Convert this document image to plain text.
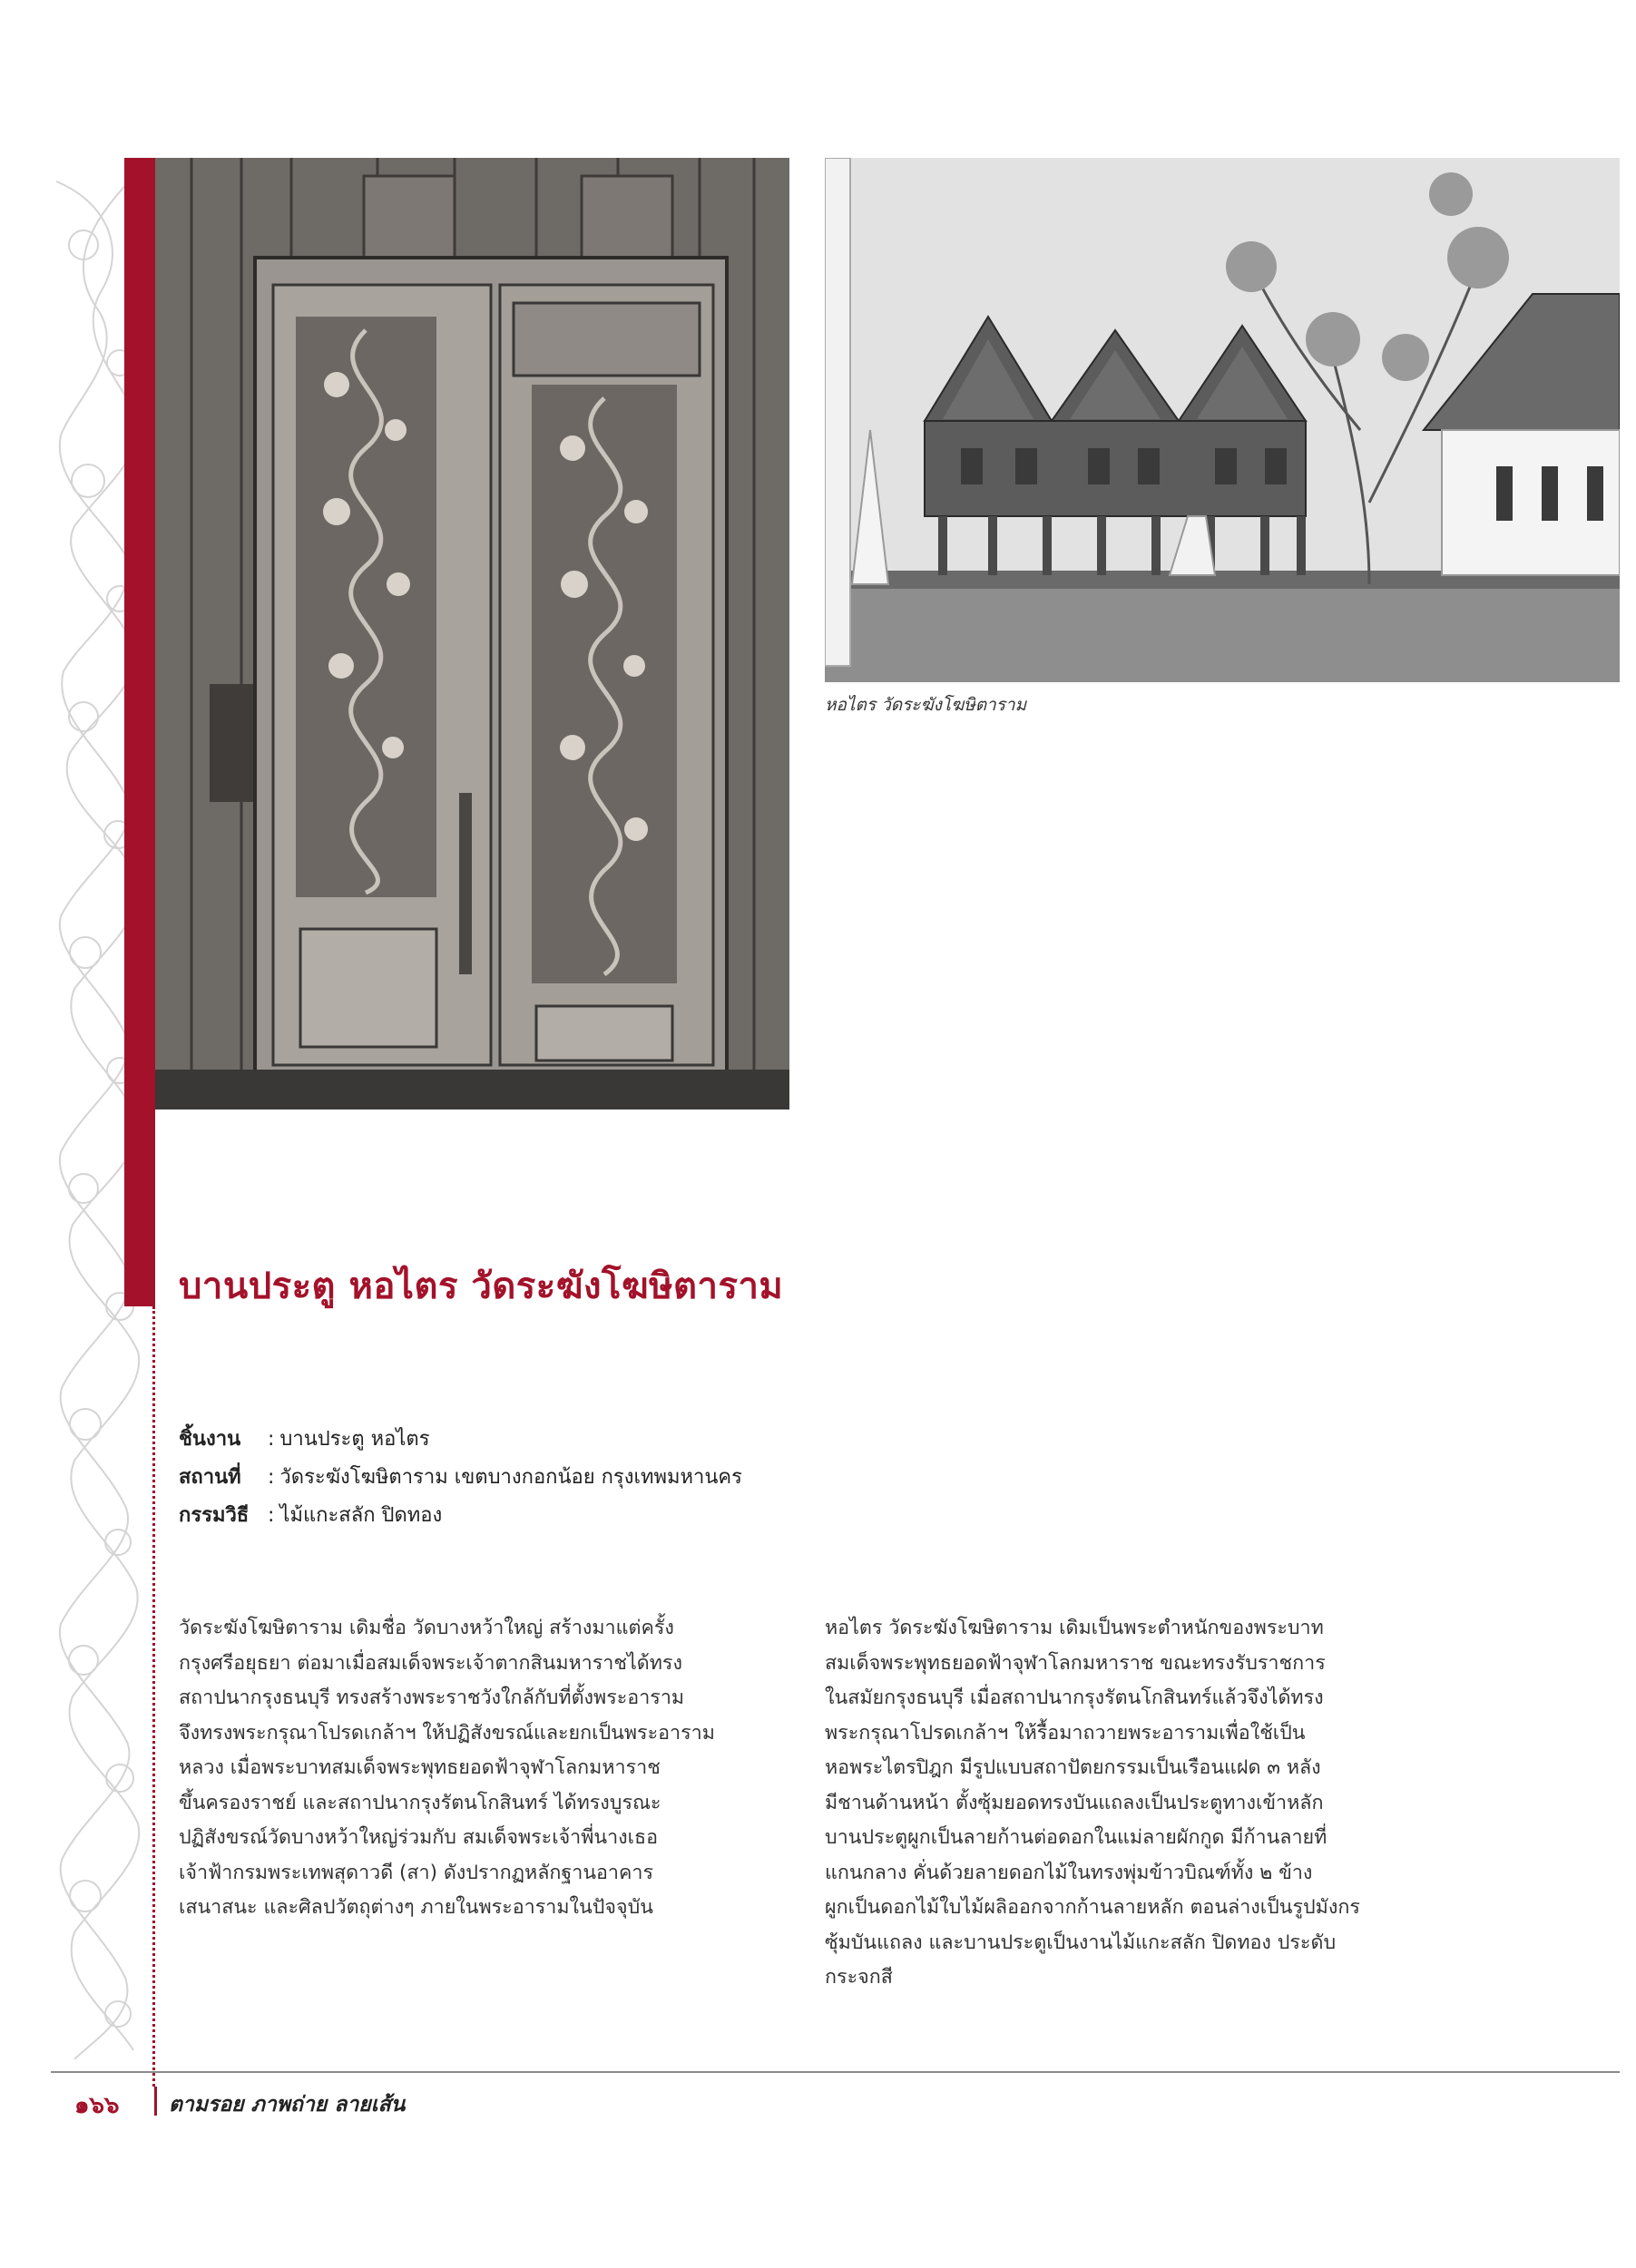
หอไตร วัดระฆังโฆษิตาราม
บานประตู หอไตร วัดระฆังโฆษิตาราม
ชิ้นงาน : บานประตู หอไตร
สถานที่ : วัดระฆังโฆษิตาราม เขตบางกอกน้อย กรุงเทพมหานคร
กรรมวิธี : ไม้แกะสลัก ปิดทอง
วัดระฆังโฆษิตาราม เดิมชื่อ วัดบางหว้าใหญ่ สร้างมาแต่ครั้ง
กรุงศรีอยุธยา ต่อมาเมื่อสมเด็จพระเจ้าตากสินมหาราชได้ทรง
สถาปนากรุงธนบุรี ทรงสร้างพระราชวังใกล้กับที่ตั้งพระอาราม
จึงทรงพระกรุณาโปรดเกล้าฯ ให้ปฏิสังขรณ์และยกเป็นพระอาราม
หลวง เมื่อพระบาทสมเด็จพระพุทธยอดฟ้าจุฬาโลกมหาราช
ขึ้นครองราชย์ และสถาปนากรุงรัตนโกสินทร์ ได้ทรงบูรณะ
ปฏิสังขรณ์วัดบางหว้าใหญ่ร่วมกับ สมเด็จพระเจ้าพี่นางเธอ
เจ้าฟ้ากรมพระเทพสุดาวดี (สา) ดังปรากฏหลักฐานอาคาร
เสนาสนะ และศิลปวัตถุต่างๆ ภายในพระอารามในปัจจุบัน
หอไตร วัดระฆังโฆษิตาราม เดิมเป็นพระตำหนักของพระบาท
สมเด็จพระพุทธยอดฟ้าจุฬาโลกมหาราช ขณะทรงรับราชการ
ในสมัยกรุงธนบุรี เมื่อสถาปนากรุงรัตนโกสินทร์แล้วจึงได้ทรง
พระกรุณาโปรดเกล้าฯ ให้รื้อมาถวายพระอารามเพื่อใช้เป็น
หอพระไตรปิฎก มีรูปแบบสถาปัตยกรรมเป็นเรือนแฝด ๓ หลัง
มีชานด้านหน้า ตั้งซุ้มยอดทรงบันแถลงเป็นประตูทางเข้าหลัก
บานประตูผูกเป็นลายก้านต่อดอกในแม่ลายผักกูด มีก้านลายที่
แกนกลาง คั่นด้วยลายดอกไม้ในทรงพุ่มข้าวบิณฑ์ทั้ง ๒ ข้าง
ผูกเป็นดอกไม้ใบไม้ผลิออกจากก้านลายหลัก ตอนล่างเป็นรูปมังกร
ซุ้มบันแถลง และบานประตูเป็นงานไม้แกะสลัก ปิดทอง ประดับ
กระจกสี
๑๖๖ ตามรอย ภาพถ่าย ลายเส้น
